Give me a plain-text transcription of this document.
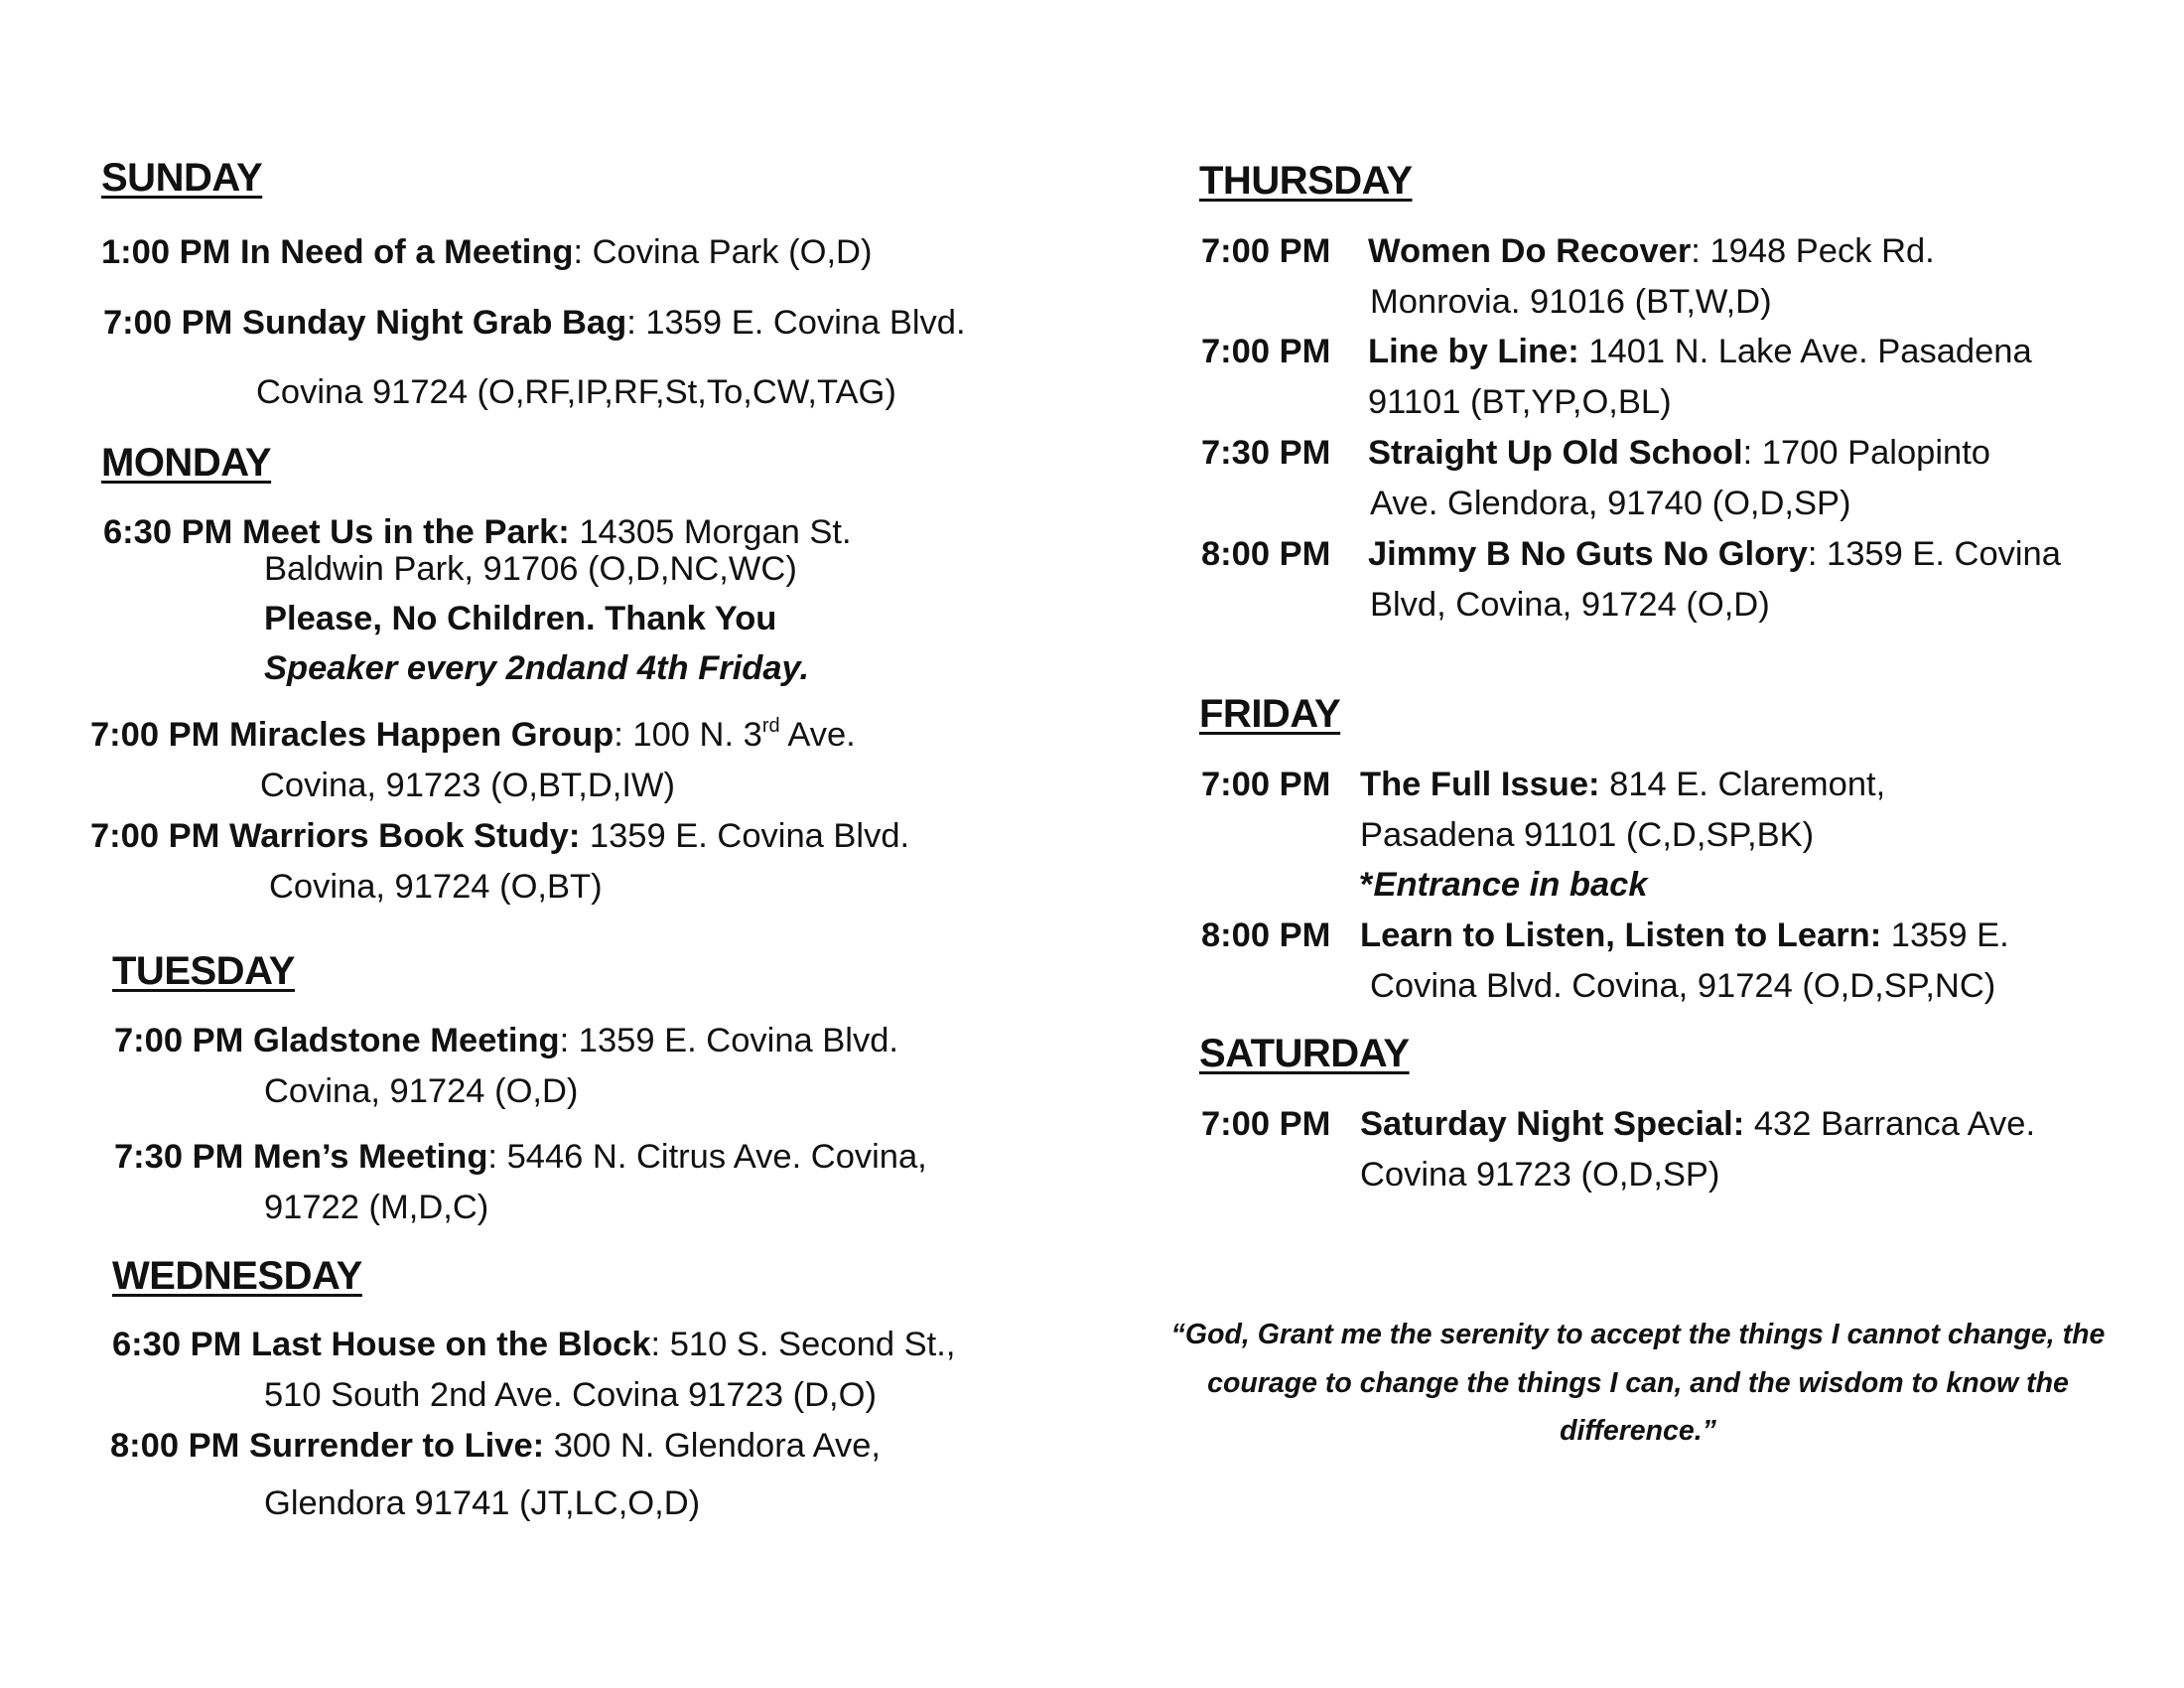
SUNDAY
1:00 PM In Need of a Meeting: Covina Park (O,D)
7:00 PM Sunday Night Grab Bag: 1359 E. Covina Blvd.
Covina 91724 (O,RF,IP,RF,St,To,CW,TAG)
MONDAY
6:30 PM Meet Us in the Park: 14305 Morgan St.
Baldwin Park, 91706 (O,D,NC,WC)
Please, No Children. Thank You
Speaker every 2ndand 4th Friday.
7:00 PM Miracles Happen Group: 100 N. 3rd Ave.
Covina, 91723 (O,BT,D,IW)
7:00 PM Warriors Book Study: 1359 E. Covina Blvd.
Covina, 91724 (O,BT)
TUESDAY
7:00 PM Gladstone Meeting: 1359 E. Covina Blvd.
Covina, 91724 (O,D)
7:30 PM Men’s Meeting: 5446 N. Citrus Ave. Covina,
91722 (M,D,C)
WEDNESDAY
6:30 PM Last House on the Block: 510 S. Second St.,
510 South 2nd Ave. Covina 91723 (D,O)
8:00 PM Surrender to Live: 300 N. Glendora Ave,
Glendora 91741 (JT,LC,O,D)
THURSDAY
7:00 PM Women Do Recover: 1948 Peck Rd.
Monrovia. 91016 (BT,W,D)
7:00 PM Line by Line: 1401 N. Lake Ave. Pasadena
91101 (BT,YP,O,BL)
7:30 PM Straight Up Old School: 1700 Palopinto
Ave. Glendora, 91740 (O,D,SP)
8:00 PM Jimmy B No Guts No Glory: 1359 E. Covina
Blvd, Covina, 91724 (O,D)
FRIDAY
7:00 PM The Full Issue: 814 E. Claremont,
Pasadena 91101 (C,D,SP,BK)
*Entrance in back
8:00 PM Learn to Listen, Listen to Learn: 1359 E.
Covina Blvd. Covina, 91724 (O,D,SP,NC)
SATURDAY
7:00 PM Saturday Night Special: 432 Barranca Ave.
Covina 91723 (O,D,SP)
“God, Grant me the serenity to accept the things I cannot change, the courage to change the things I can, and the wisdom to know the difference.”
